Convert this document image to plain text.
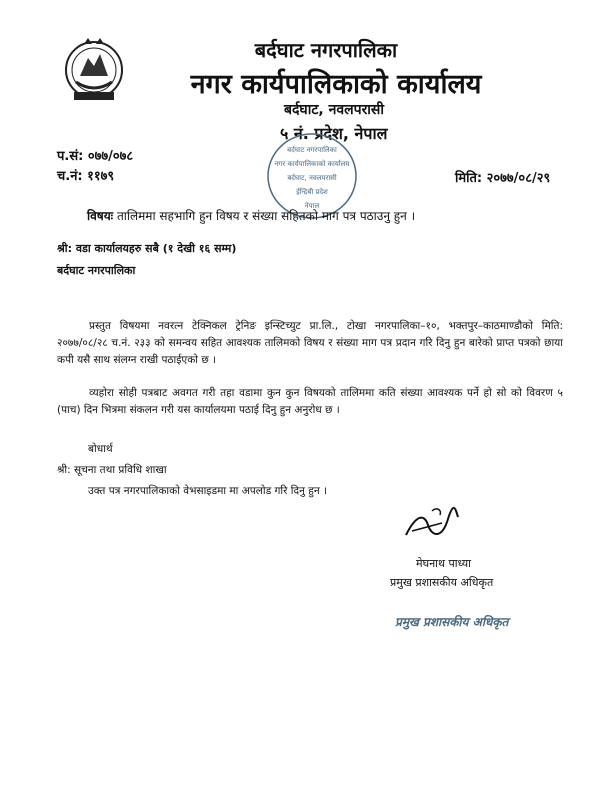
बर्दघाट नगरपालिका
नगर कार्यपालिकाको कार्यालय
बर्दघाट, नवलपरासी
५ नं. प्रदेश, नेपाल
बर्दघाट नगरपालिका
नगर कार्यपालिकाको कार्यालय
बर्दघाट, नवलपरासी
ईन्द्रिबी प्रदेश
नेपाल
प.सं: ०७७/०७८
च.नं: ११७९	मिति: २०७७/०८/२९
विषयः तालिममा सहभागि हुन विषय र संख्या सहितको माग पत्र पठाउनु हुन ।
श्री: वडा कार्यालयहरु सबै (१ देखी १६ सम्म)
बर्दघाट नगरपालिका
प्रस्तुत विषयमा नवरत्न टेक्निकल ट्रेनिङ इन्स्टिच्युट प्रा.लि., टोखा नगरपालिका–१०, भक्तपुर–काठमाण्डौको मिति: २०७७/०८/२८ च.नं. २३३ को समन्वय सहित आवश्यक तालिमको विषय र संख्या माग पत्र प्रदान गरि दिनु हुन बारेको प्राप्त पत्रको छाया कपी यसै साथ संलग्न राखी पठाईएको छ ।
व्यहोरा सोही पत्रबाट अवगत गरी तहा वडामा कुन कुन विषयको तालिममा कति संख्या आवश्यक पर्ने हो सो को विवरण ५ (पाच) दिन भित्रमा संकलन गरी यस कार्यालयमा पठाई दिनु हुन अनुरोध छ ।
बोधार्थ
श्री: सूचना तथा प्रविधि शाखा
उक्त पत्र नगरपालिकाको वेभसाइडमा मा अपलोड गरि दिनु हुन ।
मेघनाथ पाध्या
प्रमुख प्रशासकीय अधिकृत
प्रमुख प्रशासकीय अधिकृत
